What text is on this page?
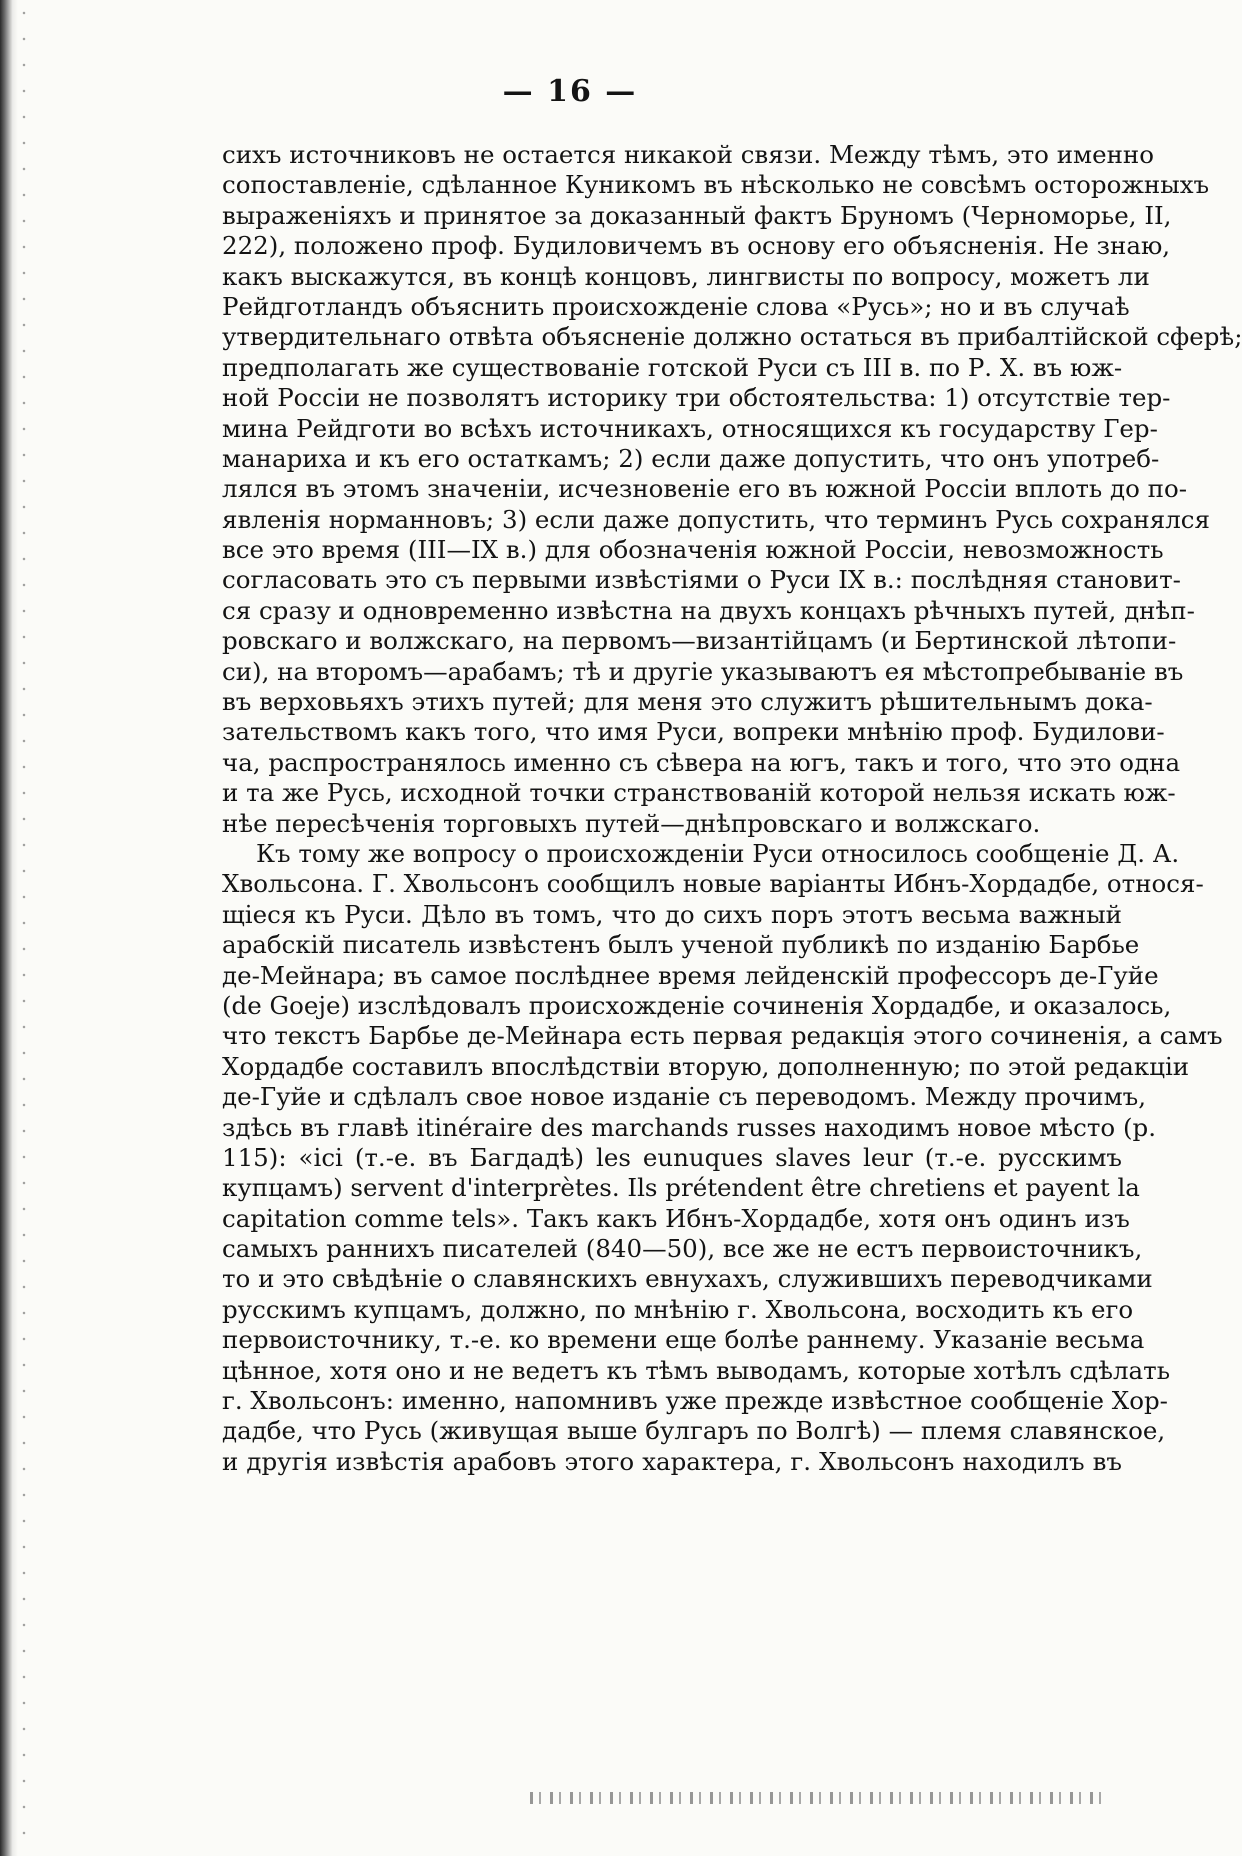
— 16 —
сихъ источниковъ не остается никакой связи. Между тѣмъ, это именно
сопоставленіе, сдѣланное Куникомъ въ нѣсколько не совсѣмъ осторожныхъ
выраженіяхъ и принятое за доказанный фактъ Бруномъ (Черноморье, II,
222), положено проф. Будиловичемъ въ основу его объясненія. Не знаю,
какъ выскажутся, въ концѣ концовъ, лингвисты по вопросу, можетъ ли
Рейдготландъ объяснить происхожденіе слова «Русь»; но и въ случаѣ
утвердительнаго отвѣта объясненіе должно остаться въ прибалтійской сферѣ;
предполагать же существованіе готской Руси съ III в. по Р. Х. въ юж-
ной Россіи не позволятъ историку три обстоятельства: 1) отсутствіе тер-
мина Рейдготи во всѣхъ источникахъ, относящихся къ государству Гер-
манариха и къ его остаткамъ; 2) если даже допустить, что онъ употреб-
лялся въ этомъ значеніи, исчезновеніе его въ южной Россіи вплоть до по-
явленія норманновъ; 3) если даже допустить, что терминъ Русь сохранялся
все это время (III—IX в.) для обозначенія южной Россіи, невозможность
согласовать это съ первыми извѣстіями о Руси IX в.: послѣдняя становит-
ся сразу и одновременно извѣстна на двухъ концахъ рѣчныхъ путей, днѣп-
ровскаго и волжскаго, на первомъ—византійцамъ (и Бертинской лѣтопи-
си), на второмъ—арабамъ; тѣ и другіе указываютъ ея мѣстопребываніе въ
въ верховьяхъ этихъ путей; для меня это служитъ рѣшительнымъ дока-
зательствомъ какъ того, что имя Руси, вопреки мнѣнію проф. Будилови-
ча, распространялось именно съ сѣвера на югъ, такъ и того, что это одна
и та же Русь, исходной точки странствованій которой нельзя искать юж-
нѣе пересѣченія торговыхъ путей—днѣпровскаго и волжскаго.
Къ тому же вопросу о происхожденіи Руси относилось сообщеніе Д. А.
Хвольсона. Г. Хвольсонъ сообщилъ новые варіанты Ибнъ-Хордадбе, относя-
щіеся къ Руси. Дѣло въ томъ, что до сихъ поръ этотъ весьма важный
арабскій писатель извѣстенъ былъ ученой публикѣ по изданію Барбье
де-Мейнара; въ самое послѣднее время лейденскій профессоръ де-Гуйе
(de Goeje) изслѣдовалъ происхожденіе сочиненія Хордадбе, и оказалось,
что текстъ Барбье де-Мейнара есть первая редакція этого сочиненія, а самъ
Хордадбе составилъ впослѣдствіи вторую, дополненную; по этой редакціи
де-Гуйе и сдѣлалъ свое новое изданіе съ переводомъ. Между прочимъ,
здѣсь въ главѣ itinéraire des marchands russes находимъ новое мѣсто (р.
115): «ici (т.-е. въ Багдадѣ) les eunuques slaves leur (т.-е. русскимъ
купцамъ) servent d'interprètes. Ils prétendent être chretiens et payent la
capitation comme tels». Такъ какъ Ибнъ-Хордадбе, хотя онъ одинъ изъ
самыхъ раннихъ писателей (840—50), все же не естъ первоисточникъ,
то и это свѣдѣніе о славянскихъ евнухахъ, служившихъ переводчиками
русскимъ купцамъ, должно, по мнѣнію г. Хвольсона, восходить къ его
первоисточнику, т.-е. ко времени еще болѣе раннему. Указаніе весьма
цѣнное, хотя оно и не ведетъ къ тѣмъ выводамъ, которые хотѣлъ сдѣлать
г. Хвольсонъ: именно, напомнивъ уже прежде извѣстное сообщеніе Хор-
дадбе, что Русь (живущая выше булгаръ по Волгѣ) — племя славянское,
и другія извѣстія арабовъ этого характера, г. Хвольсонъ находилъ въ
